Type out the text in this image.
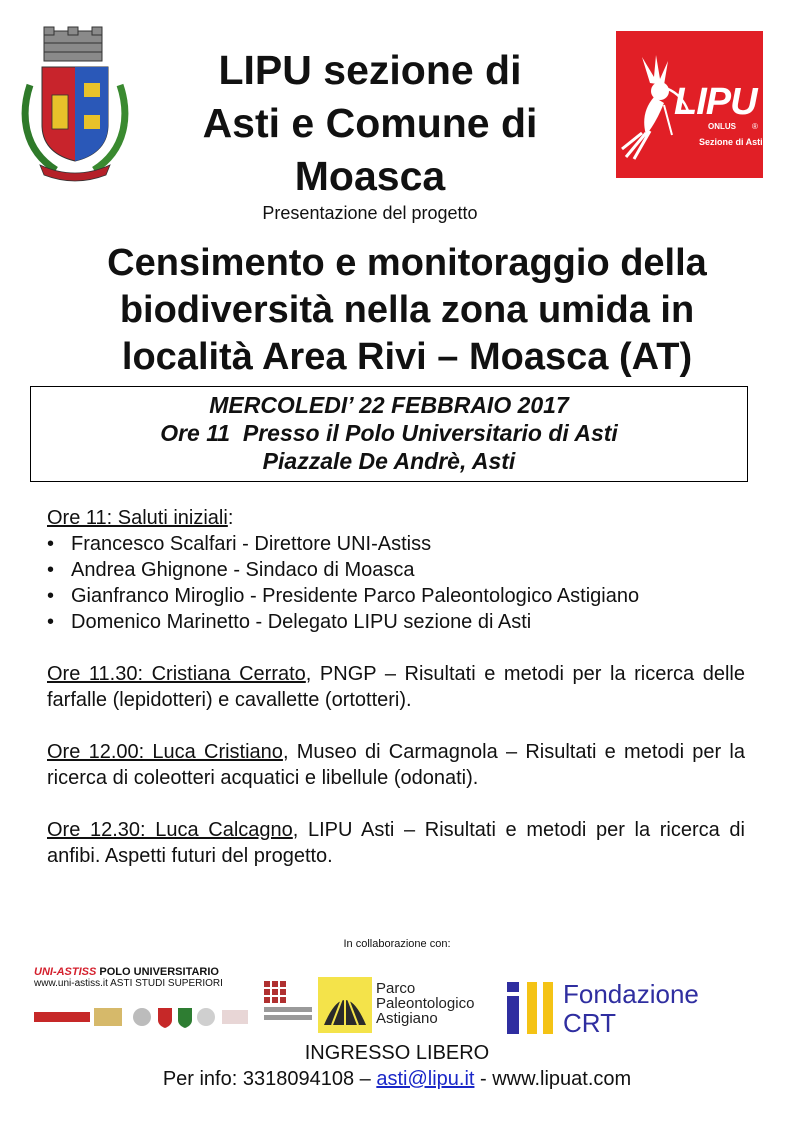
LIPU sezione di
Asti e Comune di
Moasca
LIPU
ONLUS ®
Sezione di Asti
Presentazione del progetto
Censimento e monitoraggio della
biodiversità nella zona umida in
località Area Rivi – Moasca (AT)
MERCOLEDI’ 22 FEBBRAIO 2017
Ore 11  Presso il Polo Universitario di Asti
Piazzale De Andrè, Asti
Ore 11: Saluti iniziali:
• Francesco Scalfari - Direttore UNI-Astiss
• Andrea Ghignone - Sindaco di Moasca
• Gianfranco Miroglio - Presidente Parco Paleontologico Astigiano
• Domenico Marinetto - Delegato LIPU sezione di Asti

Ore 11.30: Cristiana Cerrato, PNGP – Risultati e metodi per la ricerca delle farfalle (lepidotteri) e cavallette (ortotteri).

Ore 12.00: Luca Cristiano, Museo di Carmagnola – Risultati e metodi per la ricerca di coleotteri acquatici e libellule (odonati).

Ore 12.30: Luca Calcagno, LIPU Asti – Risultati e metodi per la ricerca di anfibi. Aspetti futuri del progetto.

In collaborazione con:
UNI-ASTISS POLO UNIVERSITARIO
www.uni-astiss.it ASTI STUDI SUPERIORI	Parco
Paleontologico
Astigiano
Fondazione
CRT
INGRESSO LIBERO
Per info: 3318094108 – asti@lipu.it - www.lipuat.com
